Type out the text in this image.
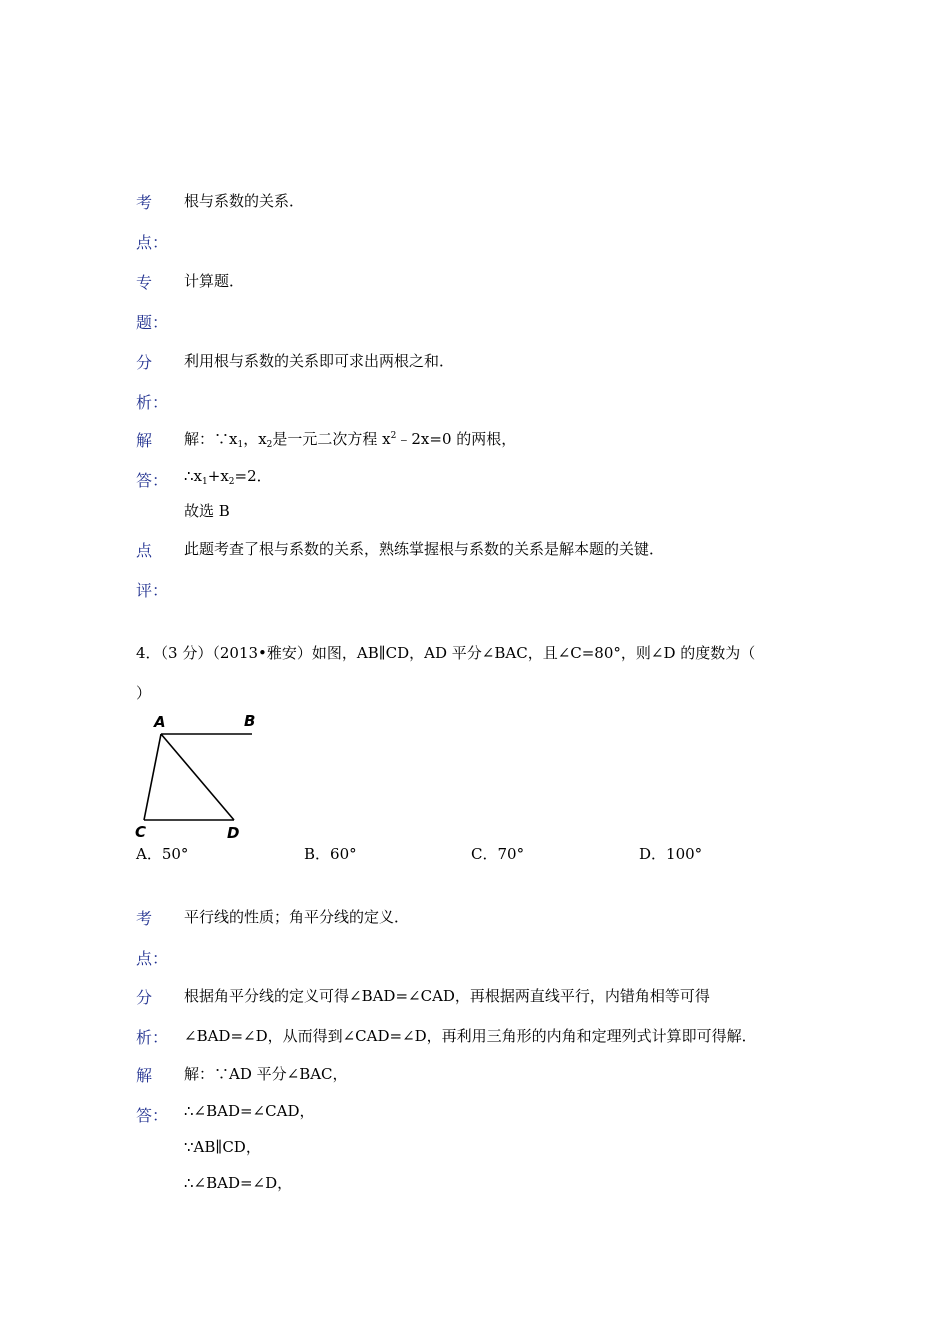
考 根与系数的关系．
点：
专 计算题．
题：
分 利用根与系数的关系即可求出两根之和．
析：
解 解：$\because x_1$，$x_2$是一元二次方程 $x^2﹣2x=0$ 的两根，
答： $\therefore x_1+x_2=2$．
故选 B
点 此题考查了根与系数的关系，熟练掌握根与系数的关系是解本题的关键．
评：
4．（3 分）（2013•雅安）如图，AB∥CD，AD 平分∠BAC，且∠C=80°，则∠D 的度数为（
）
A	B
C	D
A．50°	B．60°	C．70°	D．100°
考 平行线的性质；角平分线的定义．
点：
分 根据角平分线的定义可得∠BAD=∠CAD，再根据两直线平行，内错角相等可得
析： ∠BAD=∠D，从而得到∠CAD=∠D，再利用三角形的内角和定理列式计算即可得解．
解 解：∵AD 平分∠BAC，
答： ∴∠BAD=∠CAD，
∵AB∥CD，
∴∠BAD=∠D，
